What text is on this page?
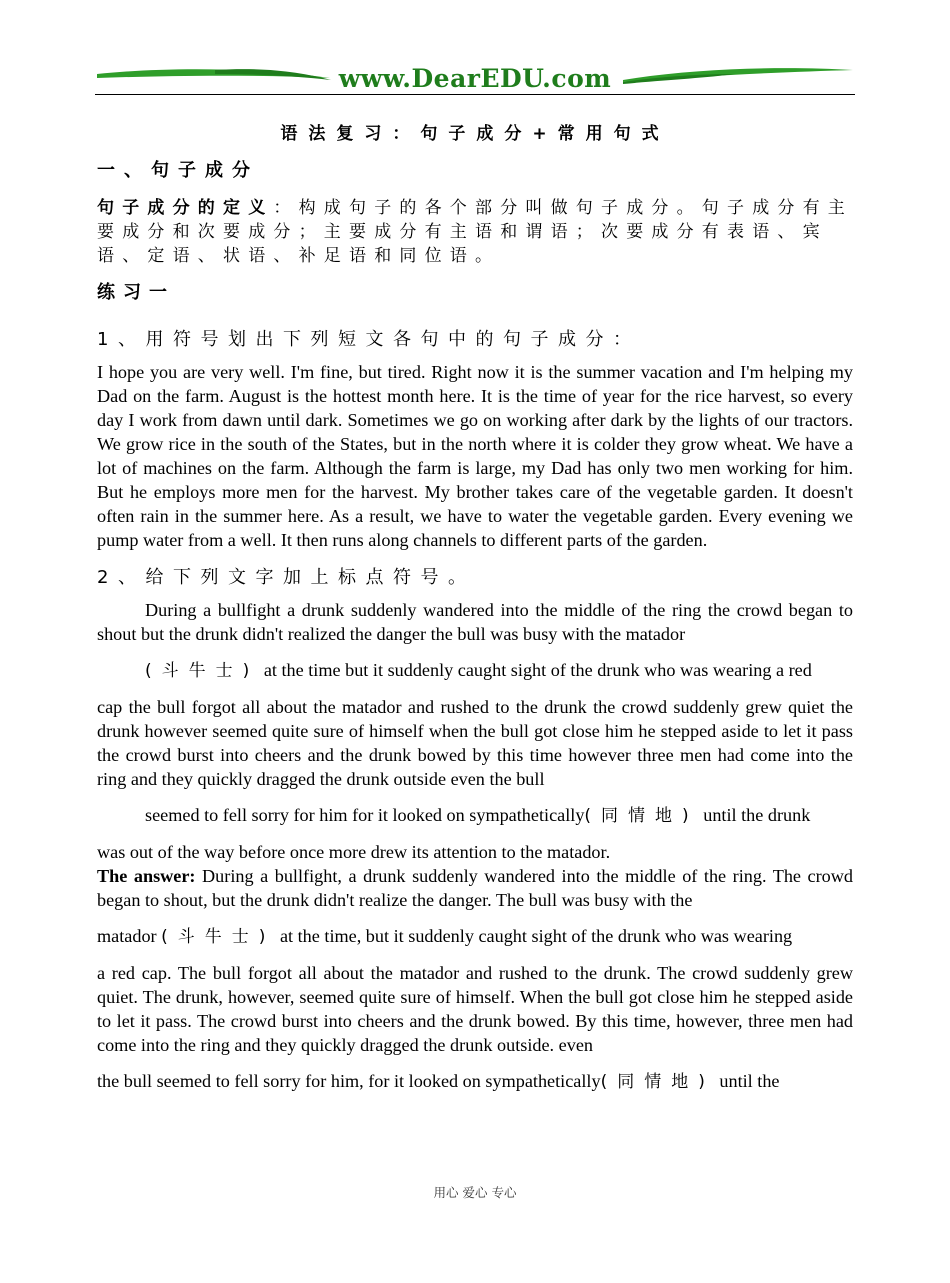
www.DearEDU.com
语法复习：句子成分+常用句式
一、句子成分
句子成分的定义：构成句子的各个部分叫做句子成分。句子成分有主要成分和次要成分；主要成分有主语和谓语；次要成分有表语、宾语、定语、状语、补足语和同位语。
练习一
1、用符号划出下列短文各句中的句子成分：
I hope you are very well. I'm fine, but tired. Right now it is the summer vacation and I'm helping my Dad on the farm. August is the hottest month here. It is the time of year for the rice harvest, so every day I work from dawn until dark. Sometimes we go on working after dark by the lights of our tractors. We grow rice in the south of the States, but in the north where it is colder they grow wheat. We have a lot of machines on the farm. Although the farm is large, my Dad has only two men working for him. But he employs more men for the harvest. My brother takes care of the vegetable garden. It doesn't often rain in the summer here. As a result, we have to water the vegetable garden. Every evening we pump water from a well. It then runs along channels to different parts of the garden.
2、给下列文字加上标点符号。
During a bullfight a drunk suddenly wandered into the middle of the ring the crowd began to shout but the drunk didn't realized the danger the bull was busy with the matador
(斗牛士) at the time but it suddenly caught sight of the drunk who was wearing a red
cap the bull forgot all about the matador and rushed to the drunk the crowd suddenly grew quiet the drunk however seemed quite sure of himself when the bull got close him he stepped aside to let it pass the crowd burst into cheers and the drunk bowed by this time however three men had come into the ring and they quickly dragged the drunk outside even the bull
seemed to fell sorry for him for it looked on sympathetically(同情地) until the drunk
was out of the way before once more drew its attention to the matador.
The answer: During a bullfight, a drunk suddenly wandered into the middle of the ring. The crowd began to shout, but the drunk didn't realize the danger. The bull was busy with the
matador (斗牛士) at the time, but it suddenly caught sight of the drunk who was wearing
a red cap. The bull forgot all about the matador and rushed to the drunk. The crowd suddenly grew quiet. The drunk, however, seemed quite sure of himself. When the bull got close him he stepped aside to let it pass. The crowd burst into cheers and the drunk bowed. By this time, however, three men had come into the ring and they quickly dragged the drunk outside. even
the bull seemed to fell sorry for him, for it looked on sympathetically(同情地) until the
用心 爱心 专心
